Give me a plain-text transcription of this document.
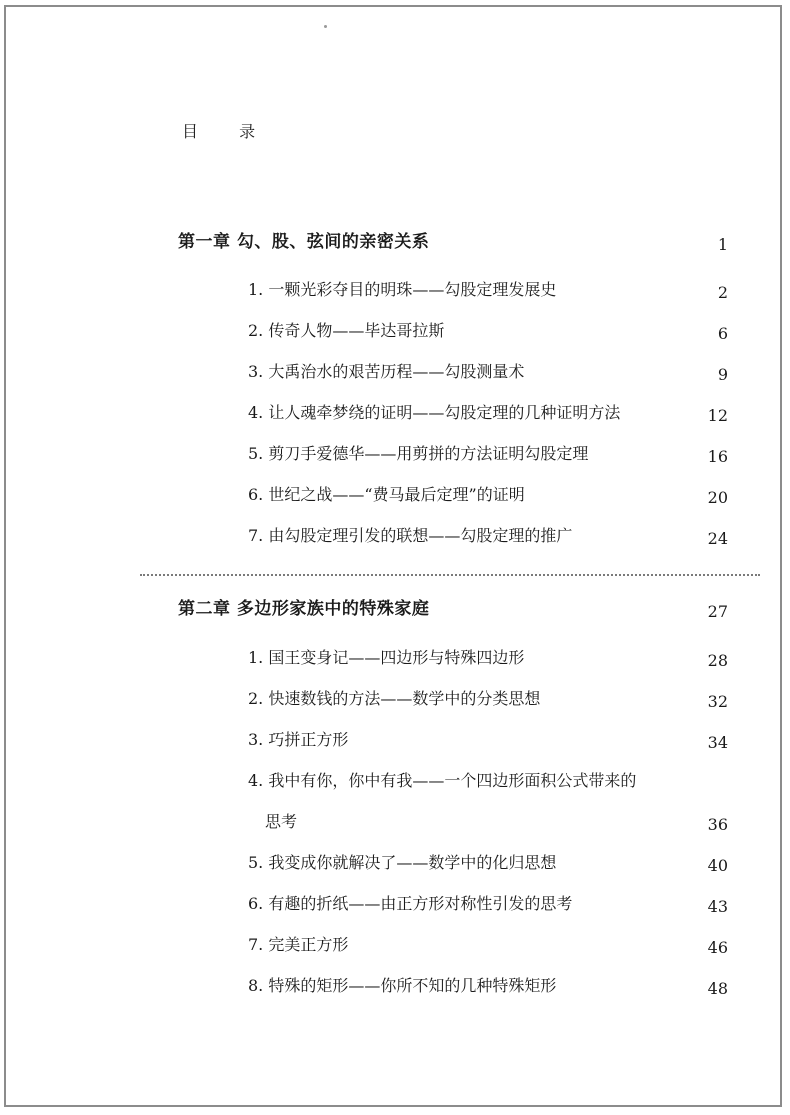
目 录
第一章 勾、股、弦间的亲密关系	1
1. 一颗光彩夺目的明珠——勾股定理发展史	2
2. 传奇人物——毕达哥拉斯	6
3. 大禹治水的艰苦历程——勾股测量术	9
4. 让人魂牵梦绕的证明——勾股定理的几种证明方法	12
5. 剪刀手爱德华——用剪拼的方法证明勾股定理	16
6. 世纪之战——“费马最后定理”的证明	20
7. 由勾股定理引发的联想——勾股定理的推广	24
第二章 多边形家族中的特殊家庭	27
1. 国王变身记——四边形与特殊四边形	28
2. 快速数钱的方法——数学中的分类思想	32
3. 巧拼正方形	34
4. 我中有你，你中有我——一个四边形面积公式带来的
思考	36
5. 我变成你就解决了——数学中的化归思想	40
6. 有趣的折纸——由正方形对称性引发的思考	43
7. 完美正方形	46
8. 特殊的矩形——你所不知的几种特殊矩形	48
